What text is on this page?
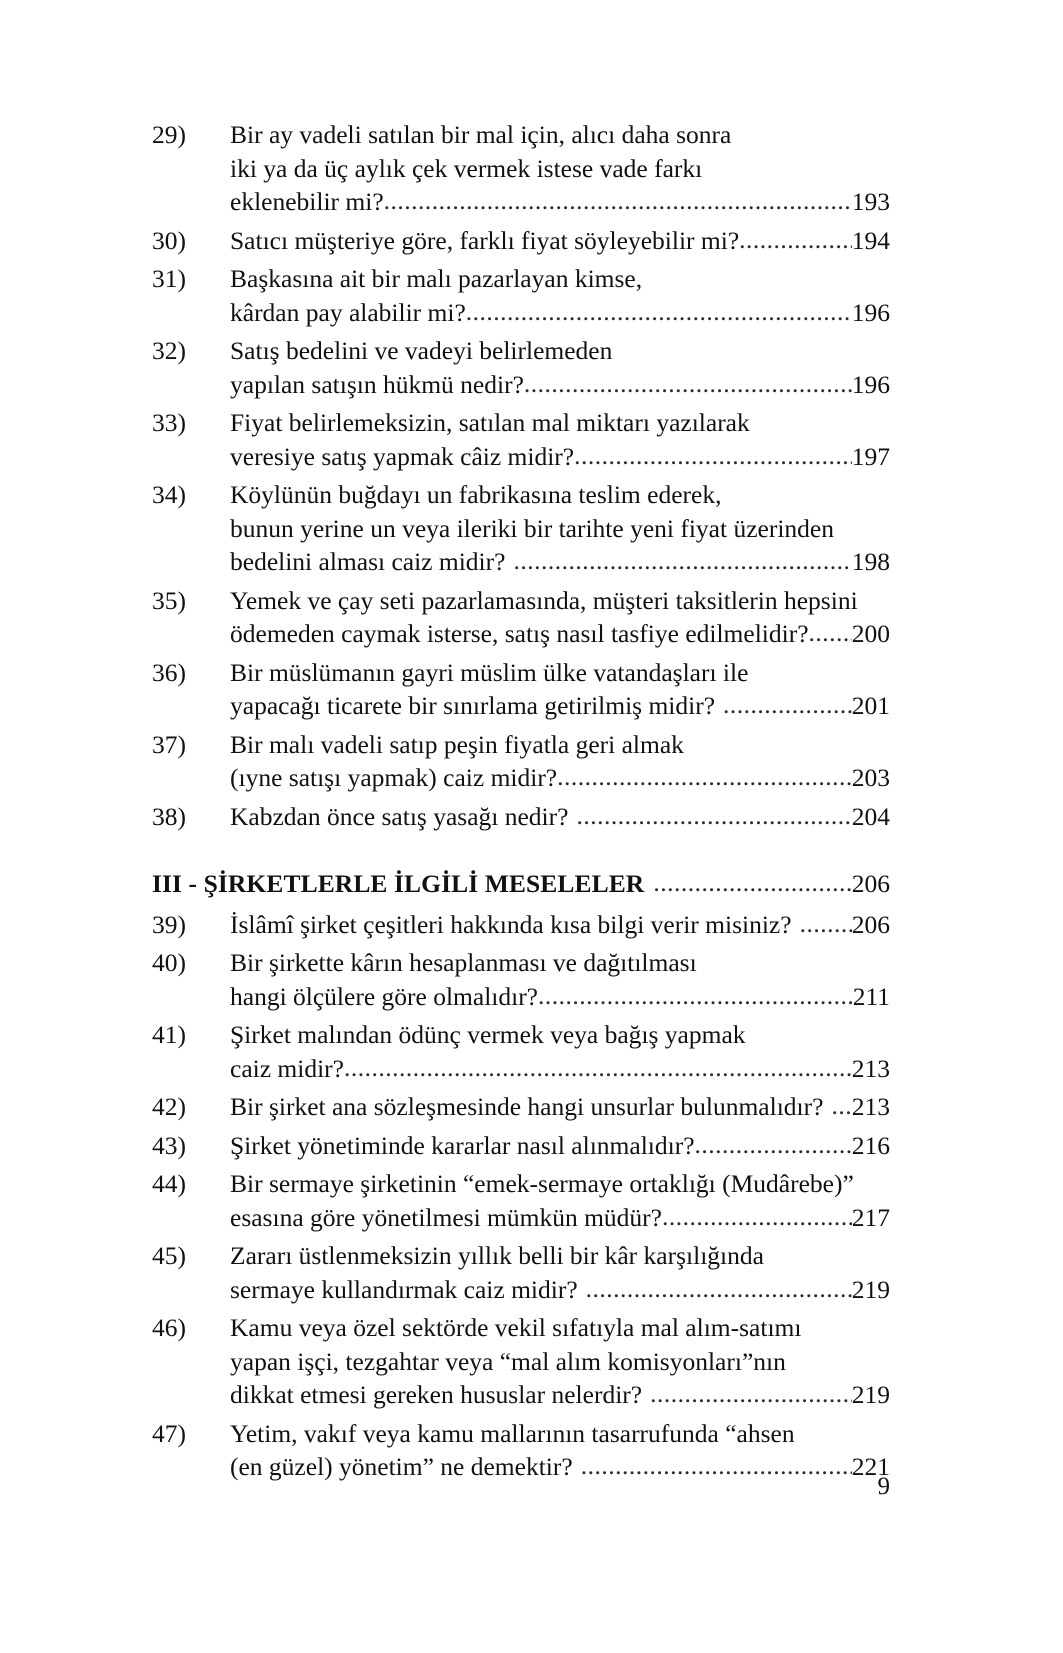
29)	Bir ay vadeli satılan bir mal için, alıcı daha sonra
iki ya da üç aylık çek vermek istese vade farkı
eklenebilir mi? .....	193
30)	Satıcı müşteriye göre, farklı fiyat söyleyebilir mi? .....	194
31)	Başkasına ait bir malı pazarlayan kimse,
kârdan pay alabilir mi? .....	196
32)	Satış bedelini ve vadeyi belirlemeden
yapılan satışın hükmü nedir? .....	196
33)	Fiyat belirlemeksizin, satılan mal miktarı yazılarak
veresiye satış yapmak câiz midir? .....	197
34)	Köylünün buğdayı un fabrikasına teslim ederek,
bunun yerine un veya ileriki bir tarihte yeni fiyat üzerinden
bedelini alması caiz midir? .....	198
35)	Yemek ve çay seti pazarlamasında, müşteri taksitlerin hepsini
ödemeden caymak isterse, satış nasıl tasfiye edilmelidir? ..... 200
36)	Bir müslümanın gayri müslim ülke vatandaşları ile
yapacağı ticarete bir sınırlama getirilmiş midir? .....	201
37)	Bir malı vadeli satıp peşin fiyatla geri almak
(ıyne satışı yapmak) caiz midir? .....	203
38)	Kabzdan önce satış yasağı nedir? .....	204
III - ŞİRKETLERLE İLGİLİ MESELELER .....	206
39)	İslâmî şirket çeşitleri hakkında kısa bilgi verir misiniz? ..... 206
40)	Bir şirkette kârın hesaplanması ve dağıtılması
hangi ölçülere göre olmalıdır? .....	211
41)	Şirket malından ödünç vermek veya bağış yapmak
caiz midir? .....	213
42)	Bir şirket ana sözleşmesinde hangi unsurlar bulunmalıdır? ..... 213
43)	Şirket yönetiminde kararlar nasıl alınmalıdır? .....	216
44)	Bir sermaye şirketinin “emek-sermaye ortaklığı (Mudârebe)”
esasına göre yönetilmesi mümkün müdür? .....	217
45)	Zararı üstlenmeksizin yıllık belli bir kâr karşılığında
sermaye kullandırmak caiz midir? .....	219
46)	Kamu veya özel sektörde vekil sıfatıyla mal alım-satımı
yapan işçi, tezgahtar veya “mal alım komisyonları”nın
dikkat etmesi gereken hususlar nelerdir? .....	219
47)	Yetim, vakıf veya kamu mallarının tasarrufunda “ahsen
(en güzel) yönetim” ne demektir? .....	221
9
